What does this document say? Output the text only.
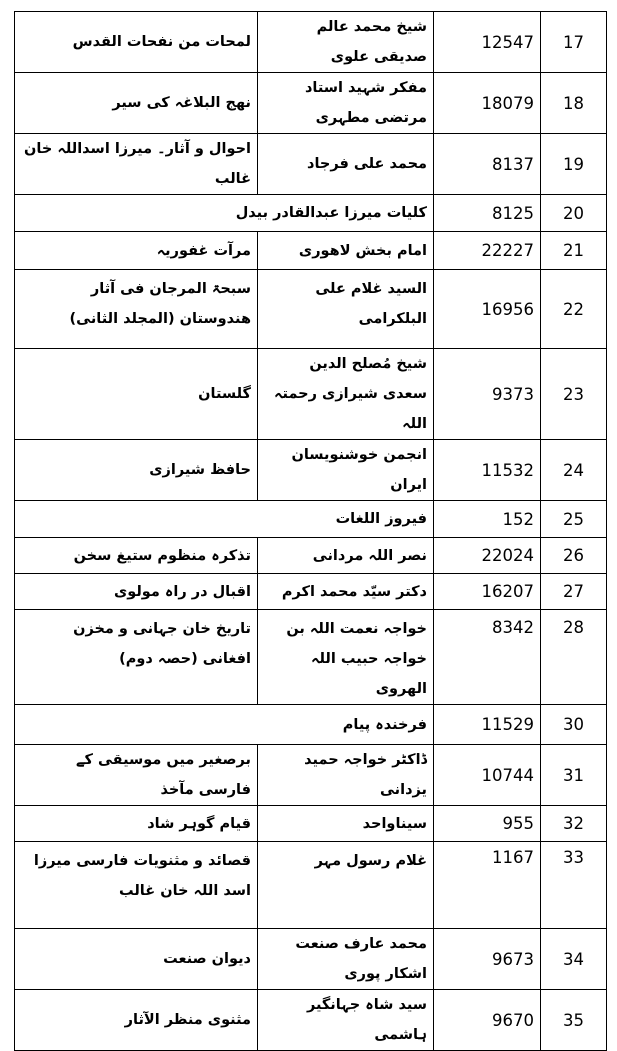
لمحات من نفحات القدس	شیخ محمد عالم صدیقی علوی	12547	17
نھج البلاغہ کی سیر	مفکر شہید استاد مرتضی مطہری	18079	18
احوال و آثار۔ میرزا اسداللہ خان غالب	محمد علی فرجاد	8137	19
کلیات میرزا عبدالقادر بیدل		8125	20
مرآت غفوریہ	امام بخش لاھوری	22227	21
سبحۃ المرجان فی آثار ھندوستان (المجلد الثانی)	السید غلام علی البلکرامی	16956	22
گلستان	شیخ مُصلح الدین سعدی شیرازی رحمتہ اللہ	9373	23
حافظ شیرازی	انجمن خوشنویسان ایران	11532	24
فیروز اللغات		152	25
تذکرہ منظوم ستیغ سخن	نصر اللہ مردانی	22024	26
اقبال در راہ مولوی	دکتر سیّد محمد اکرم	16207	27
تاریخ خان جہانی و مخزن افغانی (حصہ دوم)	خواجہ نعمت اللہ بن خواجہ حبیب اللہ الھروی	8342	28
فرخندہ پیام		11529	30
برصغیر میں موسیقی کے فارسی مآخذ	ڈاکٹر خواجہ حمید یزدانی	10744	31
قیام گوہر شاد	سیناواحد	955	32
قصائد و مثنویات فارسی میرزا اسد اللہ خان غالب	غلام رسول مہر	1167	33
دیوان صنعت	محمد عارف صنعت اشکار پوری	9673	34
مثنوی منظر الآثار	سید شاہ جہانگیر ہاشمی	9670	35
